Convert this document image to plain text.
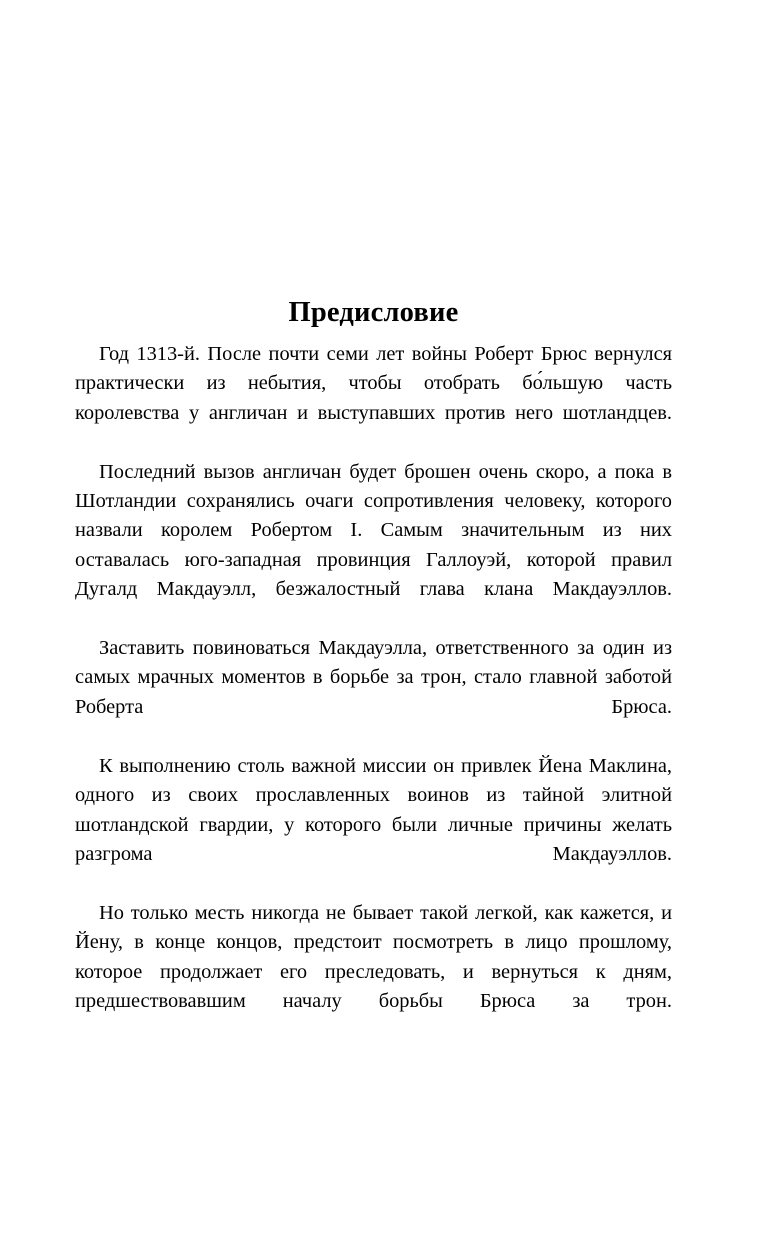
Предисловие

Год 1313-й. После почти семи лет войны Роберт Брюс вернулся практически из небытия, чтобы отобрать бо́льшую часть королевства у англичан и выступавших против него шотландцев.

Последний вызов англичан будет брошен очень скоро, а пока в Шотландии сохранялись очаги сопротивления человеку, которого назвали королем Робертом I. Самым значительным из них оставалась юго-западная провинция Галлоуэй, которой правил Дугалд Макдауэлл, безжалостный глава клана Макдауэллов.

Заставить повиноваться Макдауэлла, ответственного за один из самых мрачных моментов в борьбе за трон, стало главной заботой Роберта Брюса.

К выполнению столь важной миссии он привлек Йена Маклина, одного из своих прославленных воинов из тайной элитной шотландской гвардии, у которого были личные причины желать разгрома Макдауэллов.

Но только месть никогда не бывает такой легкой, как кажется, и Йену, в конце концов, предстоит посмотреть в лицо прошлому, которое продолжает его преследовать, и вернуться к дням, предшествовавшим началу борьбы Брюса за трон.
